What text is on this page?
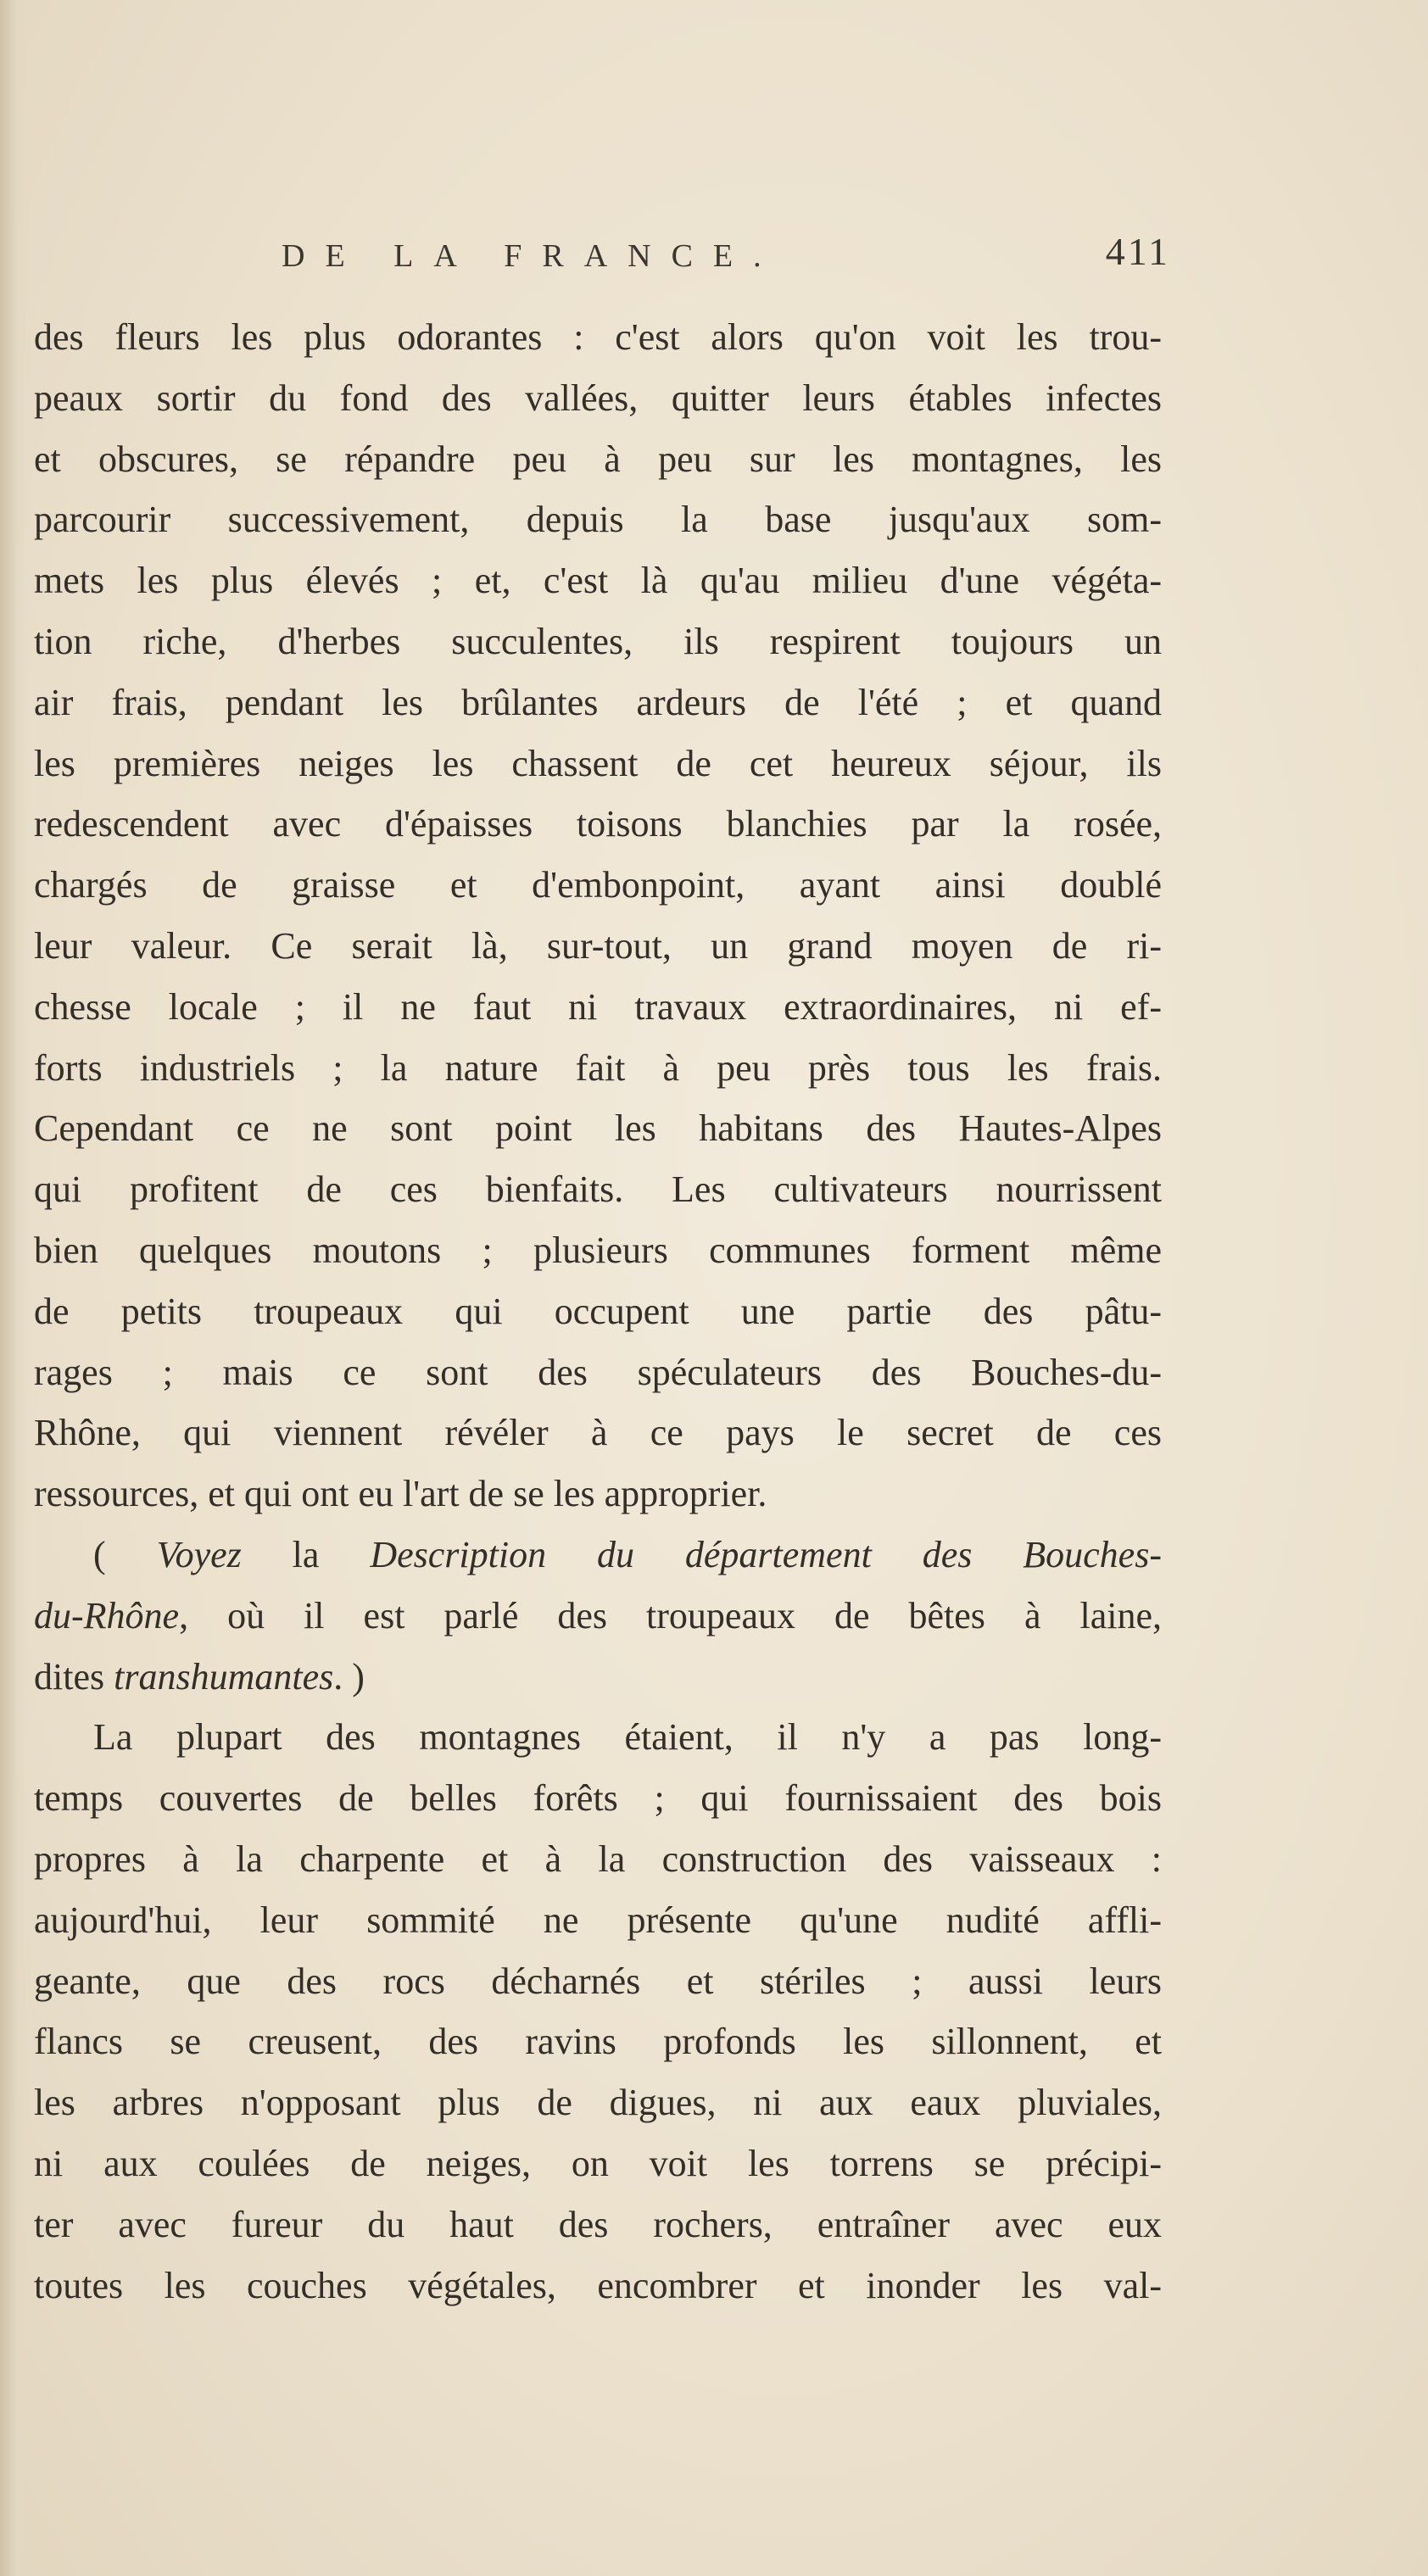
DE LA FRANCE.	411
des fleurs les plus odorantes : c'est alors qu'on voit les trou-
peaux sortir du fond des vallées, quitter leurs étables infectes
et obscures, se répandre peu à peu sur les montagnes, les
parcourir successivement, depuis la base jusqu'aux som-
mets les plus élevés ; et, c'est là qu'au milieu d'une végéta-
tion riche, d'herbes succulentes, ils respirent toujours un
air frais, pendant les brûlantes ardeurs de l'été ; et quand
les premières neiges les chassent de cet heureux séjour, ils
redescendent avec d'épaisses toisons blanchies par la rosée,
chargés de graisse et d'embonpoint, ayant ainsi doublé
leur valeur. Ce serait là, sur-tout, un grand moyen de ri-
chesse locale ; il ne faut ni travaux extraordinaires, ni ef-
forts industriels ; la nature fait à peu près tous les frais.
Cependant ce ne sont point les habitans des Hautes-Alpes
qui profitent de ces bienfaits. Les cultivateurs nourrissent
bien quelques moutons ; plusieurs communes forment même
de petits troupeaux qui occupent une partie des pâtu-
rages ; mais ce sont des spéculateurs des Bouches-du-
Rhône, qui viennent révéler à ce pays le secret de ces
ressources, et qui ont eu l'art de se les approprier.
( Voyez la Description du département des Bouches-
du-Rhône, où il est parlé des troupeaux de bêtes à laine,
dites transhumantes. )
La plupart des montagnes étaient, il n'y a pas long-
temps couvertes de belles forêts ; qui fournissaient des bois
propres à la charpente et à la construction des vaisseaux :
aujourd'hui, leur sommité ne présente qu'une nudité affli-
geante, que des rocs décharnés et stériles ; aussi leurs
flancs se creusent, des ravins profonds les sillonnent, et
les arbres n'opposant plus de digues, ni aux eaux pluviales,
ni aux coulées de neiges, on voit les torrens se précipi-
ter avec fureur du haut des rochers, entraîner avec eux
toutes les couches végétales, encombrer et inonder les val-
